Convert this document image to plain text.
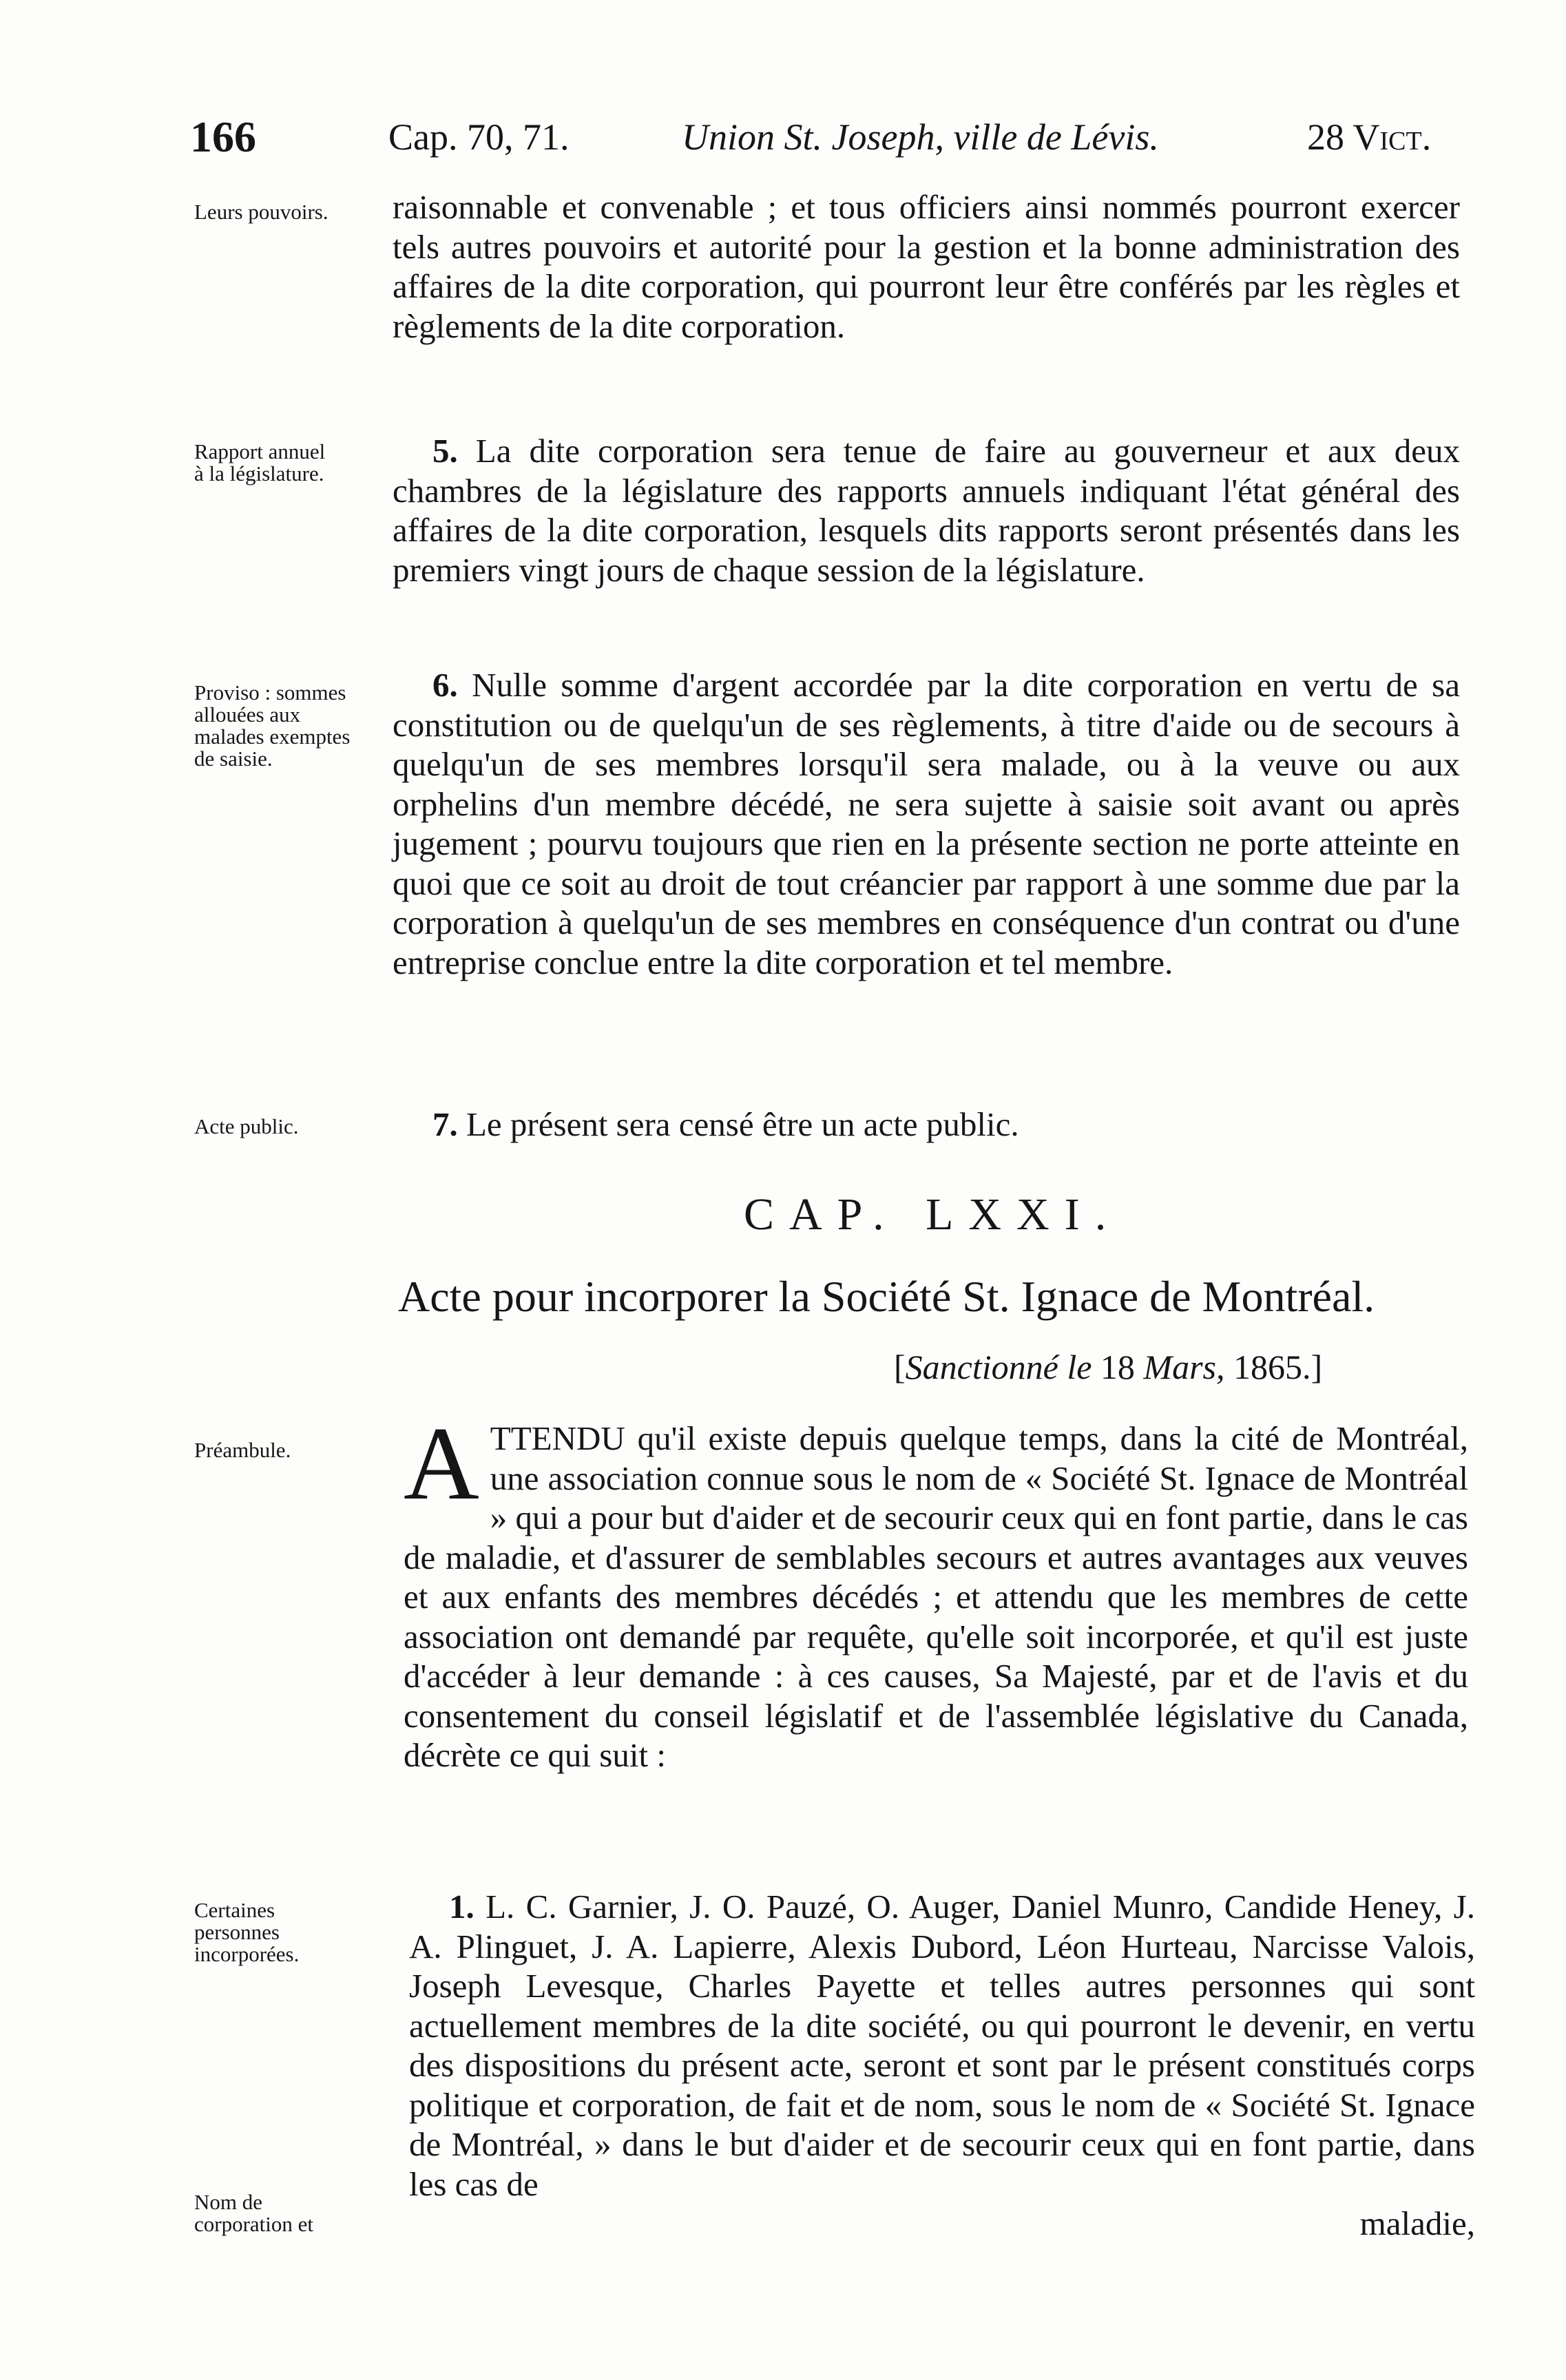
166	Cap. 70, 71.	Union St. Joseph, ville de Lévis.	28 Vict.

Leurs pouvoirs.	raisonnable et convenable ; et tous officiers ainsi nommés pourront exercer tels autres pouvoirs et autorité pour la gestion et la bonne administration des affaires de la dite corporation, qui pourront leur être conférés par les règles et règlements de la dite corporation.

Rapport annuel à la législature.

5. La dite corporation sera tenue de faire au gouverneur et aux deux chambres de la législature des rapports annuels indiquant l'état général des affaires de la dite corporation, lesquels dits rapports seront présentés dans les premiers vingt jours de chaque session de la législature.

Proviso : sommes allouées aux malades exemptes de saisie.

6. Nulle somme d'argent accordée par la dite corporation en vertu de sa constitution ou de quelqu'un de ses règlements, à titre d'aide ou de secours à quelqu'un de ses membres lorsqu'il sera malade, ou à la veuve ou aux orphelins d'un membre décédé, ne sera sujette à saisie soit avant ou après jugement ; pourvu toujours que rien en la présente section ne porte atteinte en quoi que ce soit au droit de tout créancier par rapport à une somme due par la corporation à quelqu'un de ses membres en conséquence d'un contrat ou d'une entreprise conclue entre la dite corporation et tel membre.

Acte public.	7. Le présent sera censé être un acte public.

CAP. LXXI.
Acte pour incorporer la Société St. Ignace de Montréal.
[Sanctionné le 18 Mars, 1865.]

Préambule.	ATTENDU qu'il existe depuis quelque temps, dans la cité de Montréal, une association connue sous le nom de « Société St. Ignace de Montréal » qui a pour but d'aider et de secourir ceux qui en font partie, dans le cas de maladie, et d'assurer de semblables secours et autres avantages aux veuves et aux enfants des membres décédés ; et attendu que les membres de cette association ont demandé par requête, qu'elle soit incorporée, et qu'il est juste d'accéder à leur demande : à ces causes, Sa Majesté, par et de l'avis et du consentement du conseil législatif et de l'assemblée législative du Canada, décrète ce qui suit :

Certaines personnes incorporées.

Nom de corporation et

1. L. C. Garnier, J. O. Pauzé, O. Auger, Daniel Munro, Candide Heney, J. A. Plinguet, J. A. Lapierre, Alexis Dubord, Léon Hurteau, Narcisse Valois, Joseph Levesque, Charles Payette et telles autres personnes qui sont actuellement membres de la dite société, ou qui pourront le devenir, en vertu des dispositions du présent acte, seront et sont par le présent constitués corps politique et corporation, de fait et de nom, sous le nom de « Société St. Ignace de Montréal, » dans le but d'aider et de secourir ceux qui en font partie, dans les cas de

maladie,
